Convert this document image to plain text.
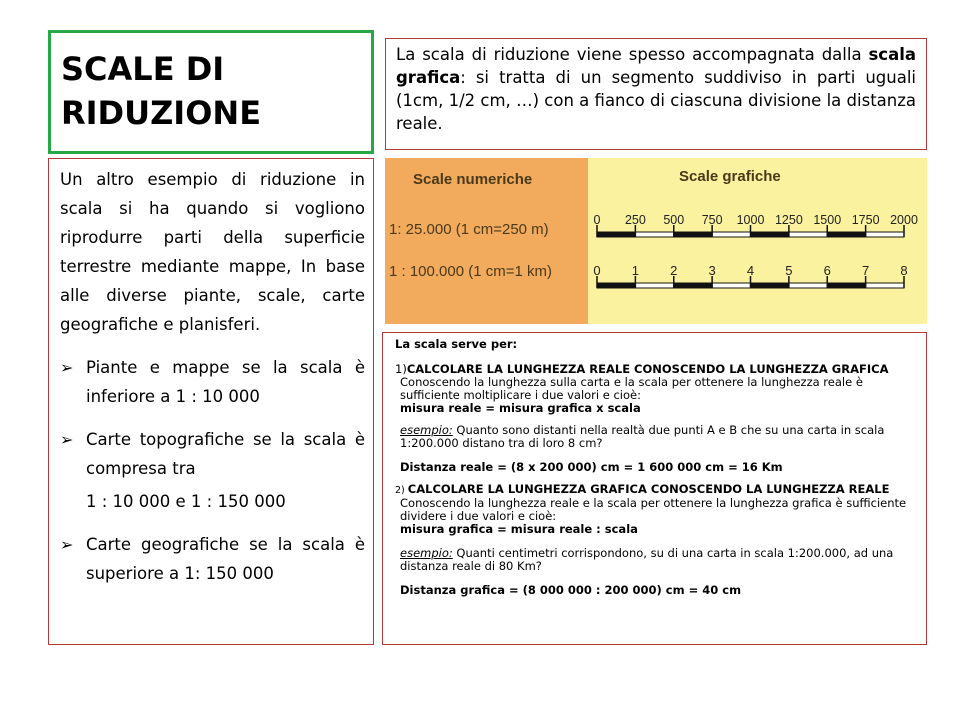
SCALE DI
RIDUZIONE

Un altro esempio di riduzione in scala si ha quando si vogliono riprodurre parti della superficie terrestre mediante mappe, In base alle diverse piante, scale, carte geografiche e planisferi.

➢ Piante e mappe se la scala è inferiore a 1 : 10 000
➢ Carte topografiche se la scala è compresa tra
1 : 10 000 e 1 : 150 000
➢ Carte geografiche se la scala è superiore a 1: 150 000
La scala di riduzione viene spesso accompagnata dalla scala grafica: si tratta di un segmento suddiviso in parti uguali (1cm, 1/2 cm, …) con a fianco di ciascuna divisione la distanza reale.
Scale numeriche
1: 25.000 (1 cm=250 m)
1 : 100.000 (1 cm=1 km)
Scale grafiche
0 250 500 750 1000 1250 1500 1750 2000
0 1 2 3 4 5 6 7 8
La scala serve per:
1)CALCOLARE LA LUNGHEZZA REALE CONOSCENDO LA LUNGHEZZA GRAFICA
Conoscendo la lunghezza sulla carta e la scala per ottenere la lunghezza reale è sufficiente moltiplicare i due valori e cioè:
misura reale = misura grafica x scala
esempio: Quanto sono distanti nella realtà due punti A e B che su una carta in scala 1:200.000 distano tra di loro 8 cm?
Distanza reale = (8 x 200 000) cm = 1 600 000 cm = 16 Km
2) CALCOLARE LA LUNGHEZZA GRAFICA CONOSCENDO LA LUNGHEZZA REALE
Conoscendo la lunghezza reale e la scala per ottenere la lunghezza grafica è sufficiente dividere i due valori e cioè:
misura grafica = misura reale : scala
esempio: Quanti centimetri corrispondono, su di una carta in scala 1:200.000, ad una distanza reale di 80 Km?
Distanza grafica = (8 000 000 : 200 000) cm = 40 cm
